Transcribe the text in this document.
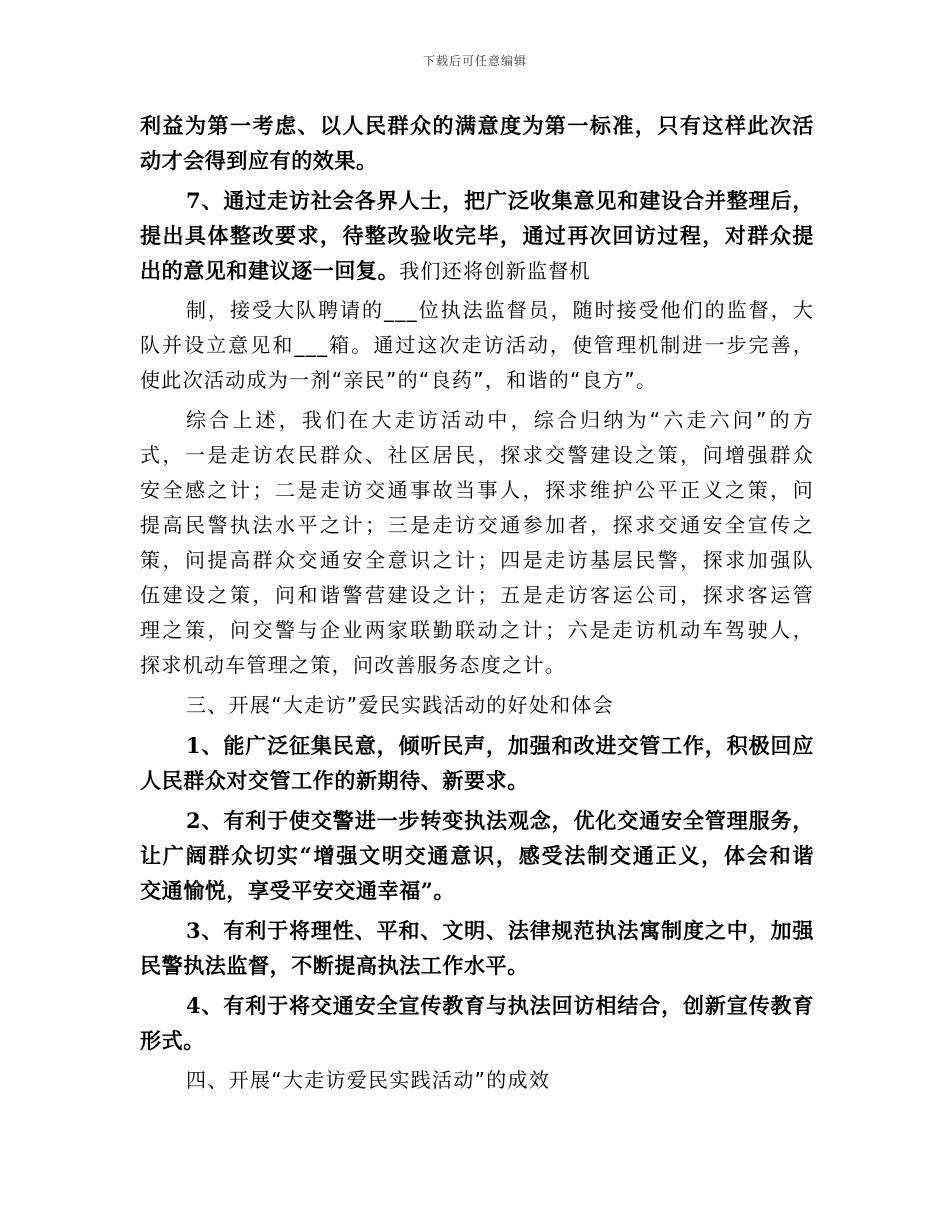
下载后可任意编辑
利益为第一考虑、以人民群众的满意度为第一标准，只有这样此次活
动才会得到应有的效果。
7、通过走访社会各界人士，把广泛收集意见和建设合并整理后，
提出具体整改要求，待整改验收完毕，通过再次回访过程，对群众提
出的意见和建议逐一回复。我们还将创新监督机
制，接受大队聘请的___位执法监督员，随时接受他们的监督，大
队并设立意见和___箱。通过这次走访活动，使管理机制进一步完善，
使此次活动成为一剂“亲民”的“良药”，和谐的“良方”。
综合上述，我们在大走访活动中，综合归纳为“六走六问”的方
式，一是走访农民群众、社区居民，探求交警建设之策，问增强群众
安全感之计；二是走访交通事故当事人，探求维护公平正义之策，问
提高民警执法水平之计；三是走访交通参加者，探求交通安全宣传之
策，问提高群众交通安全意识之计；四是走访基层民警，探求加强队
伍建设之策，问和谐警营建设之计；五是走访客运公司，探求客运管
理之策，问交警与企业两家联勤联动之计；六是走访机动车驾驶人，
探求机动车管理之策，问改善服务态度之计。
三、开展“大走访”爱民实践活动的好处和体会
1、能广泛征集民意，倾听民声，加强和改进交管工作，积极回应
人民群众对交管工作的新期待、新要求。
2、有利于使交警进一步转变执法观念，优化交通安全管理服务，
让广阔群众切实“增强文明交通意识，感受法制交通正义，体会和谐
交通愉悦，享受平安交通幸福”。
3、有利于将理性、平和、文明、法律规范执法寓制度之中，加强
民警执法监督，不断提高执法工作水平。
4、有利于将交通安全宣传教育与执法回访相结合，创新宣传教育
形式。
四、开展“大走访爱民实践活动”的成效
